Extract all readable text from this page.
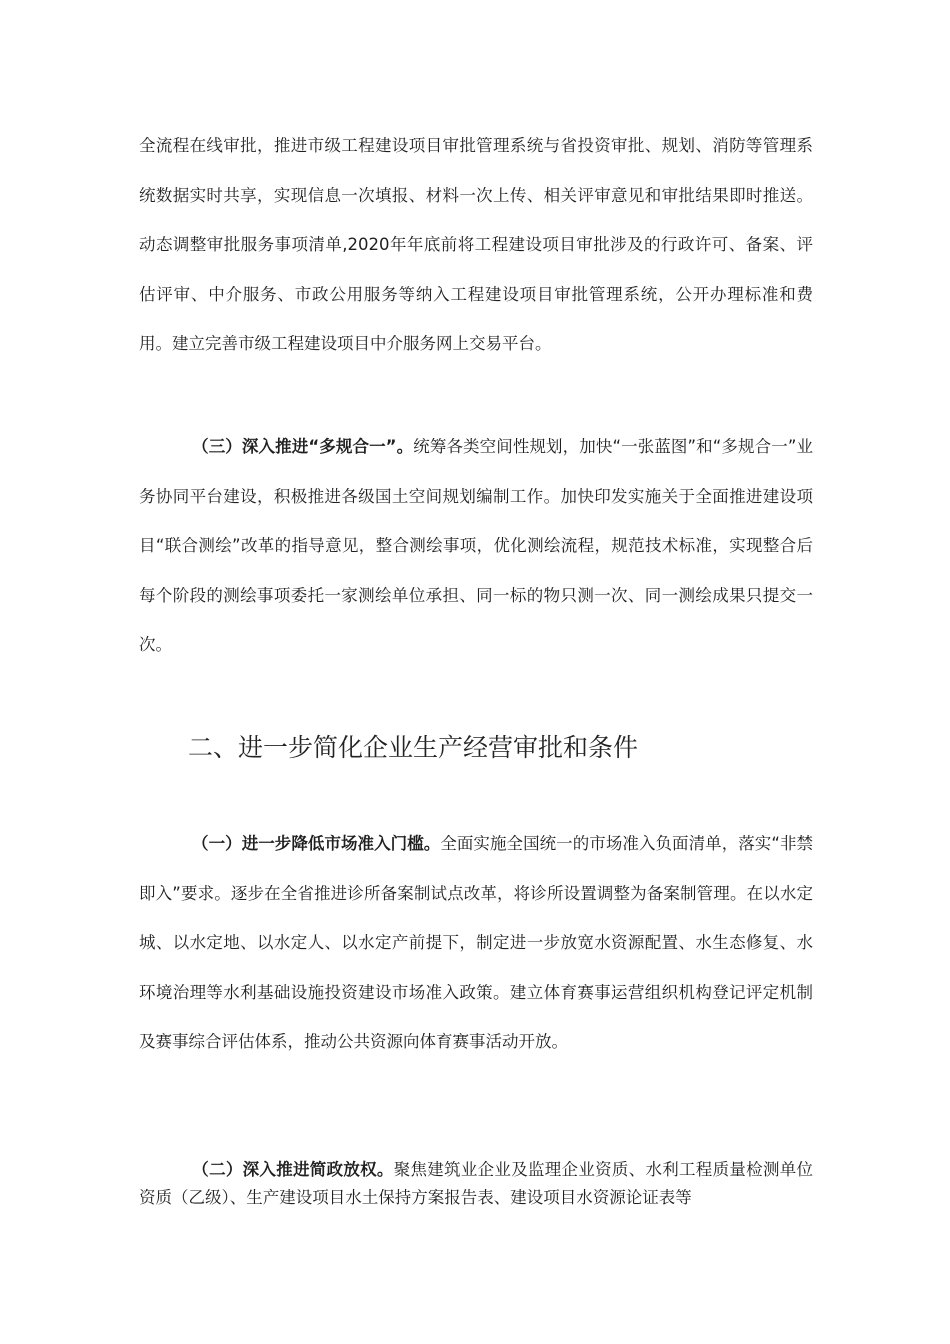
全流程在线审批，推进市级工程建设项目审批管理系统与省投资审批、规划、消防等管理系统数据实时共享，实现信息一次填报、材料一次上传、相关评审意见和审批结果即时推送。动态调整审批服务事项清单,2020年年底前将工程建设项目审批涉及的行政许可、备案、评估评审、中介服务、市政公用服务等纳入工程建设项目审批管理系统，公开办理标准和费用。建立完善市级工程建设项目中介服务网上交易平台。

（三）深入推进“多规合一”。统筹各类空间性规划，加快“一张蓝图”和“多规合一”业务协同平台建设，积极推进各级国土空间规划编制工作。加快印发实施关于全面推进建设项目“联合测绘”改革的指导意见，整合测绘事项，优化测绘流程，规范技术标准，实现整合后每个阶段的测绘事项委托一家测绘单位承担、同一标的物只测一次、同一测绘成果只提交一次。

二、进一步简化企业生产经营审批和条件

（一）进一步降低市场准入门槛。全面实施全国统一的市场准入负面清单，落实“非禁即入”要求。逐步在全省推进诊所备案制试点改革，将诊所设置调整为备案制管理。在以水定城、以水定地、以水定人、以水定产前提下，制定进一步放宽水资源配置、水生态修复、水环境治理等水利基础设施投资建设市场准入政策。建立体育赛事运营组织机构登记评定机制及赛事综合评估体系，推动公共资源向体育赛事活动开放。

（二）深入推进简政放权。聚焦建筑业企业及监理企业资质、水利工程质量检测单位资质（乙级）、生产建设项目水土保持方案报告表、建设项目水资源论证表等
